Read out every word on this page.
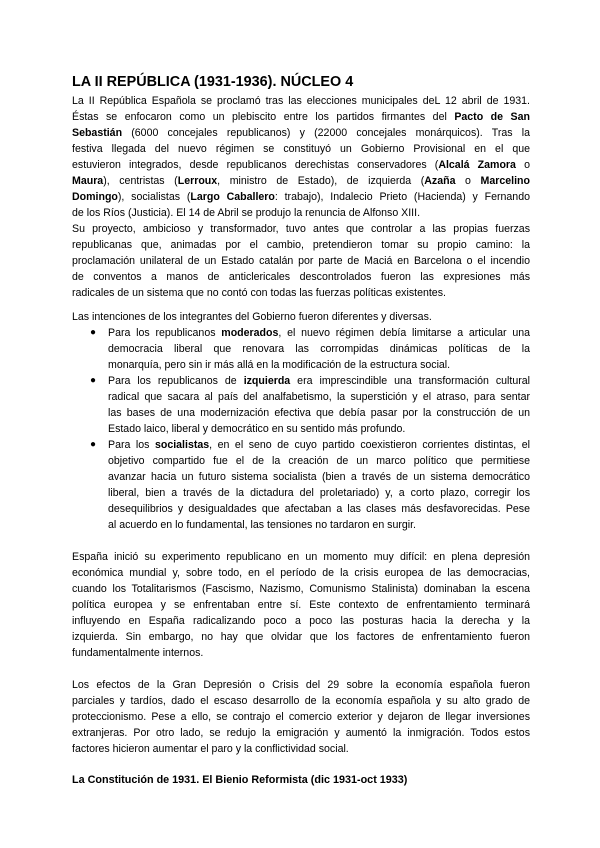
LA II REPÚBLICA (1931-1936). NÚCLEO 4
La II República Española se proclamó tras las elecciones municipales deL 12 abril de 1931.
Éstas se enfocaron como un plebiscito entre los partidos firmantes del Pacto de San
Sebastián (6000 concejales republicanos) y (22000 concejales monárquicos). Tras la
festiva llegada del nuevo régimen se constituyó un Gobierno Provisional en el que
estuvieron integrados, desde republicanos derechistas conservadores (Alcalá Zamora o
Maura), centristas (Lerroux, ministro de Estado), de izquierda (Azaña o Marcelino
Domingo), socialistas (Largo Caballero: trabajo), Indalecio Prieto (Hacienda) y Fernando
de los Ríos (Justicia). El 14 de Abril se produjo la renuncia de Alfonso XIII.
Su proyecto, ambicioso y transformador, tuvo antes que controlar a las propias fuerzas
republicanas que, animadas por el cambio, pretendieron tomar su propio camino: la
proclamación unilateral de un Estado catalán por parte de Maciá en Barcelona o el incendio
de conventos a manos de anticlericales descontrolados fueron las expresiones más
radicales de un sistema que no contó con todas las fuerzas políticas existentes.
Las intenciones de los integrantes del Gobierno fueron diferentes y diversas.
● Para los republicanos moderados, el nuevo régimen debía limitarse a articular una
democracia liberal que renovara las corrompidas dinámicas políticas de la
monarquía, pero sin ir más allá en la modificación de la estructura social.
● Para los republicanos de izquierda era imprescindible una transformación cultural
radical que sacara al país del analfabetismo, la superstición y el atraso, para sentar
las bases de una modernización efectiva que debía pasar por la construcción de un
Estado laico, liberal y democrático en su sentido más profundo.
● Para los socialistas, en el seno de cuyo partido coexistieron corrientes distintas, el
objetivo compartido fue el de la creación de un marco político que permitiese
avanzar hacia un futuro sistema socialista (bien a través de un sistema democrático
liberal, bien a través de la dictadura del proletariado) y, a corto plazo, corregir los
desequilibrios y desigualdades que afectaban a las clases más desfavorecidas. Pese
al acuerdo en lo fundamental, las tensiones no tardaron en surgir.
España inició su experimento republicano en un momento muy difícil: en plena depresión
económica mundial y, sobre todo, en el período de la crisis europea de las democracias,
cuando los Totalitarismos (Fascismo, Nazismo, Comunismo Stalinista) dominaban la escena
política europea y se enfrentaban entre sí. Este contexto de enfrentamiento terminará
influyendo en España radicalizando poco a poco las posturas hacia la derecha y la
izquierda. Sin embargo, no hay que olvidar que los factores de enfrentamiento fueron
fundamentalmente internos.
Los efectos de la Gran Depresión o Crisis del 29 sobre la economía española fueron
parciales y tardíos, dado el escaso desarrollo de la economía española y su alto grado de
proteccionismo. Pese a ello, se contrajo el comercio exterior y dejaron de llegar inversiones
extranjeras. Por otro lado, se redujo la emigración y aumentó la inmigración. Todos estos
factores hicieron aumentar el paro y la conflictividad social.
La Constitución de 1931. El Bienio Reformista (dic 1931-oct 1933)
